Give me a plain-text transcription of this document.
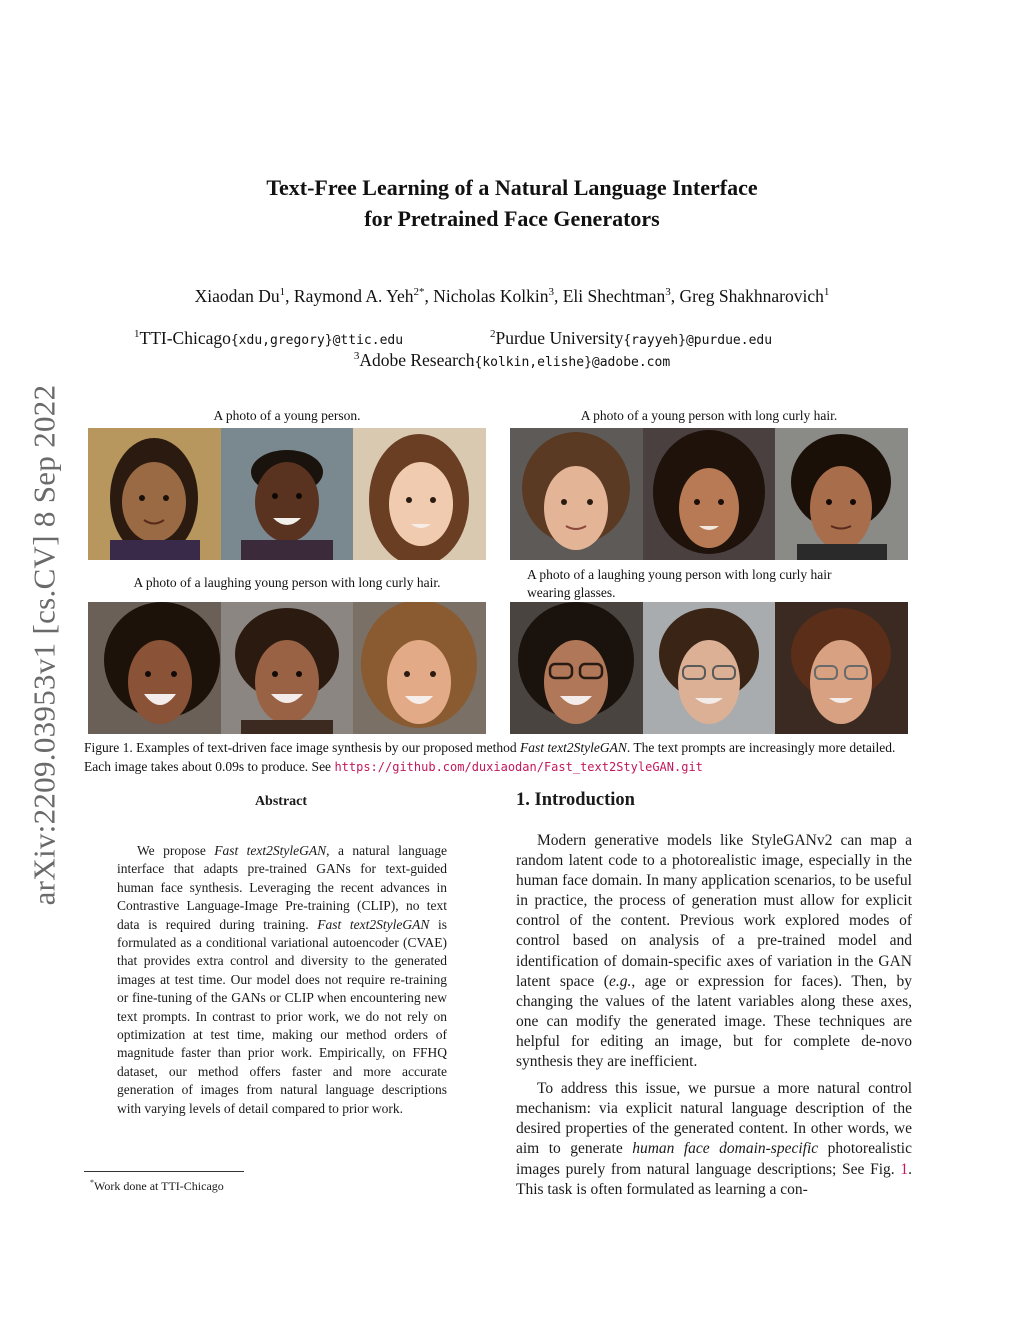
arXiv:2209.03953v1 [cs.CV] 8 Sep 2022
Text-Free Learning of a Natural Language Interface
for Pretrained Face Generators
Xiaodan Du$^1$, Raymond A. Yeh$^{2*}$, Nicholas Kolkin$^3$, Eli Shechtman$^3$, Greg Shakhnarovich$^1$
$^1$TTI-Chicago{xdu,gregory}@ttic.edu	$^2$Purdue University{rayyeh}@purdue.edu
$^3$Adobe Research{kolkin,elishe}@adobe.com
A photo of a young person.	A photo of a young person with long curly hair.
A photo of a laughing young person with long curly hair.
A photo of a laughing young person with long curly hair
wearing glasses.
Figure 1. Examples of text-driven face image synthesis by our proposed method Fast text2StyleGAN. The text prompts are increasingly more detailed. Each image takes about 0.09s to produce. See https://github.com/duxiaodan/Fast_text2StyleGAN.git
Abstract
We propose Fast text2StyleGAN, a natural language interface that adapts pre-trained GANs for text-guided human face synthesis. Leveraging the recent advances in Contrastive Language-Image Pre-training (CLIP), no text data is required during training. Fast text2StyleGAN is formulated as a conditional variational autoencoder (CVAE) that provides extra control and diversity to the generated images at test time. Our model does not require re-training or fine-tuning of the GANs or CLIP when encountering new text prompts. In contrast to prior work, we do not rely on optimization at test time, making our method orders of magnitude faster than prior work. Empirically, on FFHQ dataset, our method offers faster and more accurate generation of images from natural language descriptions with varying levels of detail compared to prior work.
*Work done at TTI-Chicago
1. Introduction

Modern generative models like StyleGANv2 can map a random latent code to a photorealistic image, especially in the human face domain. In many application scenarios, to be useful in practice, the process of generation must allow for explicit control of the content. Previous work explored modes of control based on analysis of a pre-trained model and identification of domain-specific axes of variation in the GAN latent space (e.g., age or expression for faces). Then, by changing the values of the latent variables along these axes, one can modify the generated image. These techniques are helpful for editing an image, but for complete de-novo synthesis they are inefficient.

To address this issue, we pursue a more natural control mechanism: via explicit natural language description of the desired properties of the generated content. In other words, we aim to generate human face domain-specific photorealistic images purely from natural language descriptions; See Fig. 1. This task is often formulated as learning a con-
